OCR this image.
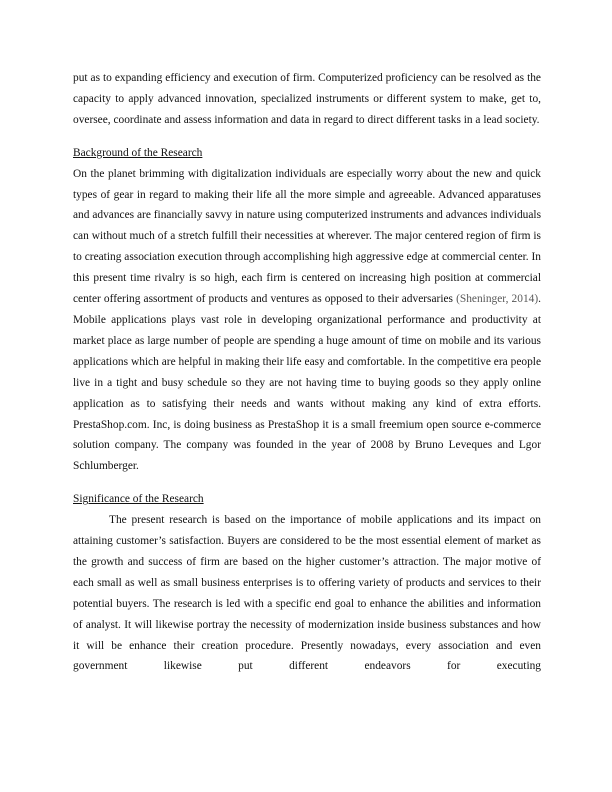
put as to expanding efficiency and execution of firm. Computerized proficiency can be resolved as the capacity to apply advanced innovation, specialized instruments or different system to make, get to, oversee, coordinate and assess information and data in regard to direct different tasks in a lead society.

Background of the Research

On the planet brimming with digitalization individuals are especially worry about the new and quick types of gear in regard to making their life all the more simple and agreeable. Advanced apparatuses and advances are financially savvy in nature using computerized instruments and advances individuals can without much of a stretch fulfill their necessities at wherever. The major centered region of firm is to creating association execution through accomplishing high aggressive edge at commercial center. In this present time rivalry is so high, each firm is centered on increasing high position at commercial center offering assortment of products and ventures as opposed to their adversaries (Sheninger, 2014). Mobile applications plays vast role in developing organizational performance and productivity at market place as large number of people are spending a huge amount of time on mobile and its various applications which are helpful in making their life easy and comfortable. In the competitive era people live in a tight and busy schedule so they are not having time to buying goods so they apply online application as to satisfying their needs and wants without making any kind of extra efforts. PrestaShop.com. Inc, is doing business as PrestaShop it is a small freemium open source e-commerce solution company. The company was founded in the year of 2008 by Bruno Leveques and Lgor Schlumberger.

Significance of the Research

The present research is based on the importance of mobile applications and its impact on attaining customer’s satisfaction. Buyers are considered to be the most essential element of market as the growth and success of firm are based on the higher customer’s attraction. The major motive of each small as well as small business enterprises is to offering variety of products and services to their potential buyers. The research is led with a specific end goal to enhance the abilities and information of analyst. It will likewise portray the necessity of modernization inside business substances and how it will be enhance their creation procedure. Presently nowadays, every association and even government likewise put different endeavors for executing
